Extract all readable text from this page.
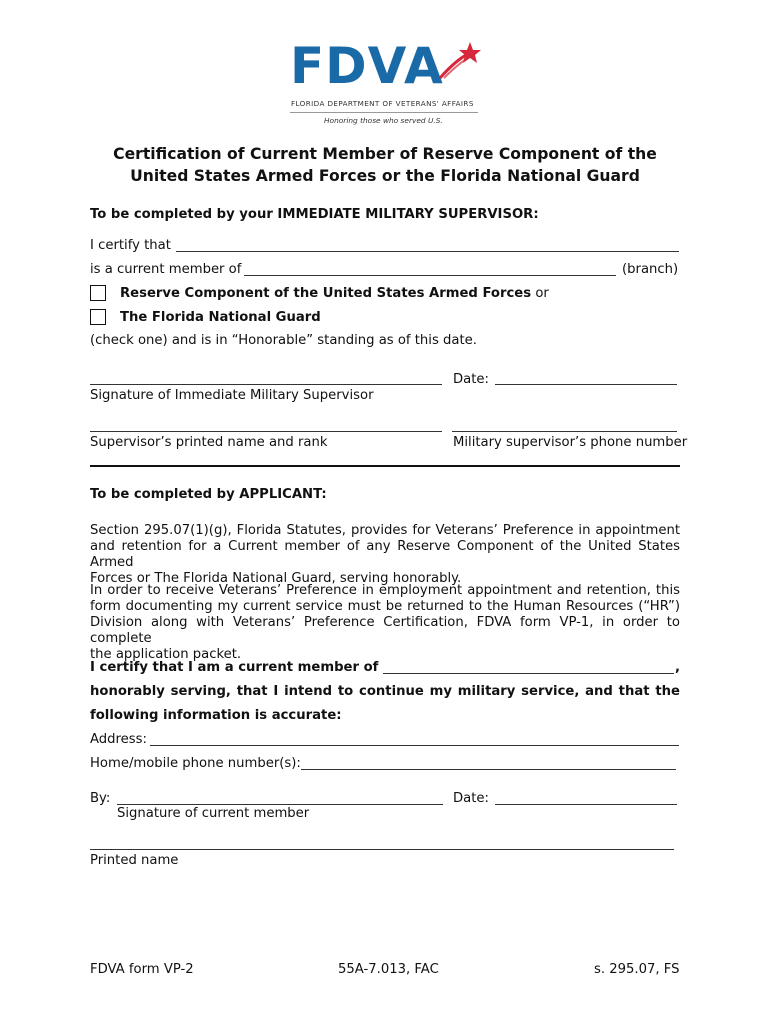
FDVA
FLORIDA DEPARTMENT OF VETERANS' AFFAIRS
Honoring those who served U.S.
Certification of Current Member of Reserve Component of the
United States Armed Forces or the Florida National Guard
To be completed by your IMMEDIATE MILITARY SUPERVISOR:
I certify that
is a current member of	(branch)
Reserve Component of the United States Armed Forces or
The Florida National Guard
(check one) and is in “Honorable” standing as of this date.
Date:
Signature of Immediate Military Supervisor
Supervisor’s printed name and rank	Military supervisor’s phone number
To be completed by APPLICANT:
Section 295.07(1)(g), Florida Statutes, provides for Veterans’ Preference in appointment
and retention for a Current member of any Reserve Component of the United States Armed
Forces or The Florida National Guard, serving honorably.
In order to receive Veterans’ Preference in employment appointment and retention, this
form documenting my current service must be returned to the Human Resources (“HR”)
Division along with Veterans’ Preference Certification, FDVA form VP-1, in order to complete
the application packet.
I certify that I am a current member of	,
honorably serving, that I intend to continue my military service, and that the
following information is accurate:
Address:
Home/mobile phone number(s):
By:	Date:
Signature of current member
Printed name
FDVA form VP-2	55A-7.013, FAC	s. 295.07, FS
